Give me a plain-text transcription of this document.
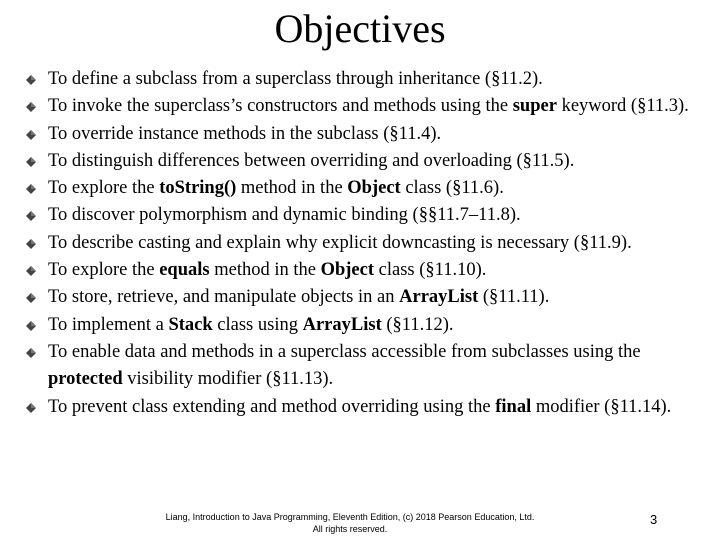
Objectives
To define a subclass from a superclass through inheritance (§11.2).
To invoke the superclass’s constructors and methods using the super keyword (§11.3).
To override instance methods in the subclass (§11.4).
To distinguish differences between overriding and overloading (§11.5).
To explore the toString() method in the Object class (§11.6).
To discover polymorphism and dynamic binding (§§11.7–11.8).
To describe casting and explain why explicit downcasting is necessary (§11.9).
To explore the equals method in the Object class (§11.10).
To store, retrieve, and manipulate objects in an ArrayList (§11.11).
To implement a Stack class using ArrayList (§11.12).
To enable data and methods in a superclass accessible from subclasses using the protected visibility modifier (§11.13).
To prevent class extending and method overriding using the final modifier (§11.14).
Liang, Introduction to Java Programming, Eleventh Edition, (c) 2018 Pearson Education, Ltd.
All rights reserved.
3
